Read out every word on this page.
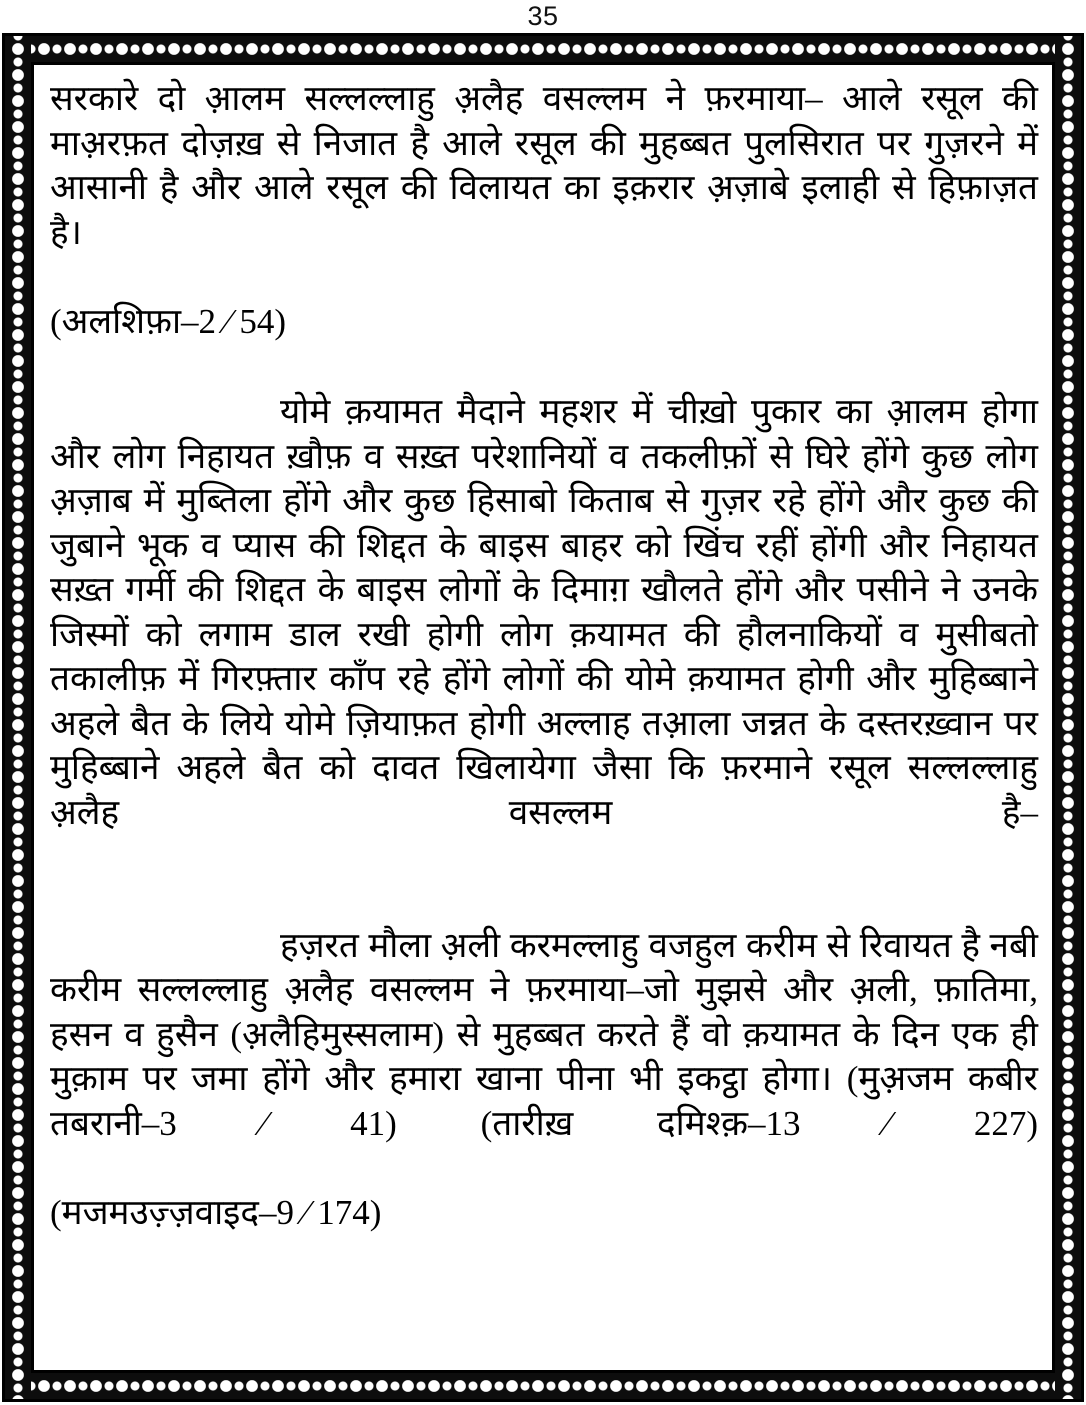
35

सरकारे दो आ़लम सल्लल्लाहु अ़लैह वसल्लम ने फ़रमाया– आले रसूल की माअ़रफ़त दोज़ख़ से निजात है आले रसूल की मुहब्बत पुलसिरात पर गुज़रने में आसानी है और आले रसूल की विलायत का इक़रार अ़ज़ाबे इलाही से हिफ़ाज़त है।

(अलशिफ़ा–2 ⁄ 54)

योमे क़यामत मैदाने महशर में चीख़ो पुकार का आ़लम होगा और लोग निहायत ख़ौफ़ व सख़्त परेशानियों व तकलीफ़ों से घिरे होंगे कुछ लोग अ़ज़ाब में मुब्तिला होंगे और कुछ हिसाबो किताब से गुज़र रहे होंगे और कुछ की जुबाने भूक व प्यास की शिद्दत के बाइस बाहर को खिंच रहीं होंगी और निहायत सख़्त गर्मी की शिद्दत के बाइस लोगों के दिमाग़ खौलते होंगे और पसीने ने उनके जिस्मों को लगाम डाल रखी होगी लोग क़यामत की हौलनाकियों व मुसीबतो तकालीफ़ में गिरफ़्तार काँप रहे होंगे लोगों की योमे क़यामत होगी और मुहिब्बाने अहले बैत के लिये योमे ज़ियाफ़त होगी अल्लाह तआ़ला जन्नत के दस्तरख़्वान पर मुहिब्बाने अहले बैत को दावत खिलायेगा जैसा कि फ़रमाने रसूल सल्लल्लाहु अ़लैह वसल्लम है–

हज़रत मौला अ़ली करमल्लाहु वजहुल करीम से रिवायत है नबी करीम सल्लल्लाहु अ़लैह वसल्लम ने फ़रमाया–जो मुझसे और अ़ली, फ़ातिमा, हसन व हुसैन (अ़लैहिमुस्सलाम) से मुहब्बत करते हैं वो क़यामत के दिन एक ही मुक़ाम पर जमा होंगे और हमारा खाना पीना भी इकट्ठा होगा। (मुअ़जम कबीर तबरानी–3 ⁄ 41) (तारीख़ दमिश्क़–13 ⁄ 227)

(मजमउज़्ज़वाइद–9 ⁄ 174)
